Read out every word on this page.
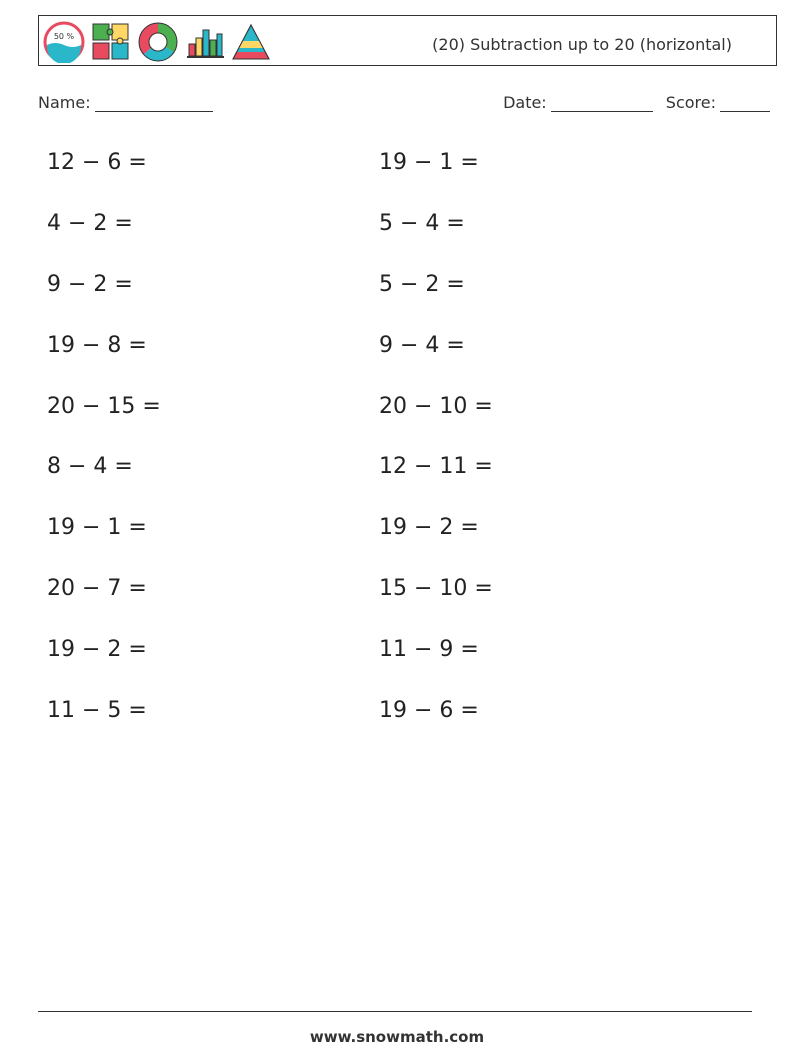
50 %	(20) Subtraction up to 20 (horizontal)
Name:	Date:	Score:
12 − 6 =
4 − 2 =
9 − 2 =
19 − 8 =
20 − 15 =
8 − 4 =
19 − 1 =
20 − 7 =
19 − 2 =
11 − 5 =
19 − 1 =
5 − 4 =
5 − 2 =
9 − 4 =
20 − 10 =
12 − 11 =
19 − 2 =
15 − 10 =
11 − 9 =
19 − 6 =
www.snowmath.com
